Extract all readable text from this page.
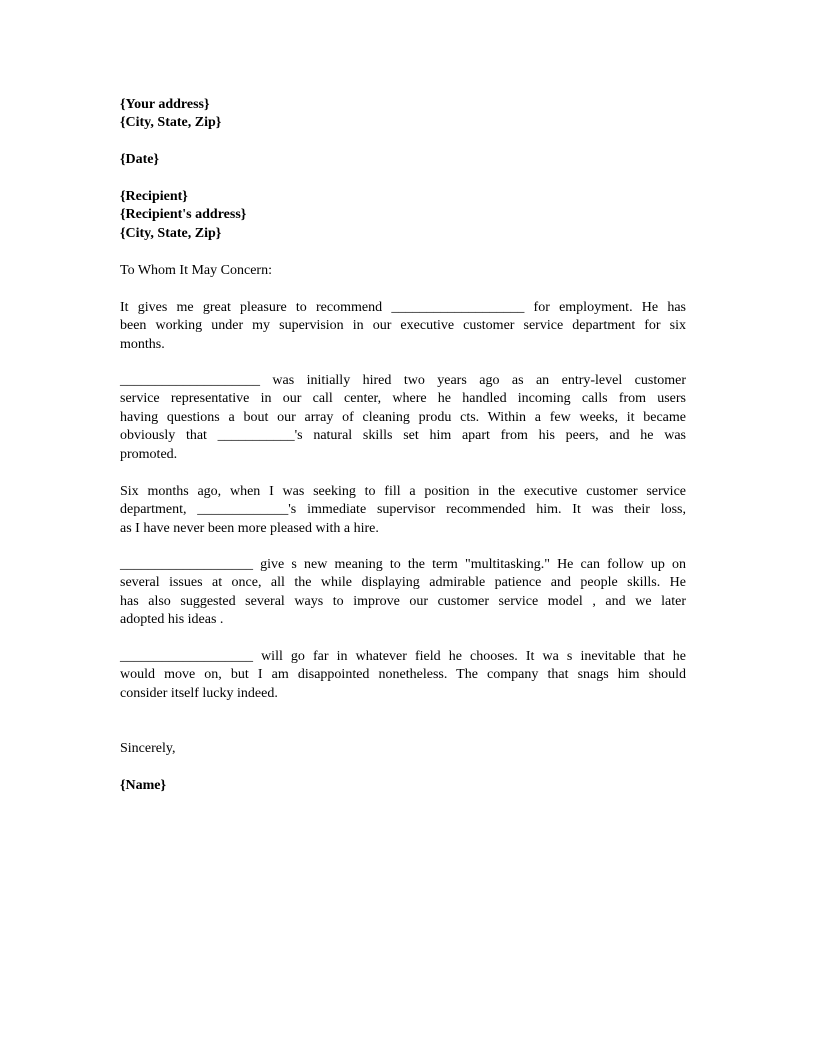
{Your address}
{City, State, Zip}
{Date}
{Recipient}
{Recipient's address}
{City, State, Zip}
To Whom It May Concern:
It gives me great pleasure to recommend ___________________ for employment. He has
been working under my supervision in our executive customer service department for six
months.
____________________ was initially hired two years ago as an entry-level customer
service representative in our call center, where he handled incoming calls from users
having questions a bout our array of cleaning produ cts. Within a few weeks, it became
obviously that ___________'s natural skills set him apart from his peers, and he was
promoted.
Six months ago, when I was seeking to fill a position in the executive customer service
department, _____________'s immediate supervisor recommended him. It was their loss,
as I have never been more pleased with a hire.
___________________ give s new meaning to the term "multitasking." He can follow up on
several issues at once, all the while displaying admirable patience and people skills. He
has also suggested several ways to improve our customer service model , and we later
adopted his ideas .
___________________ will go far in whatever field he chooses. It wa s inevitable that he
would move on, but I am disappointed nonetheless. The company that snags him should
consider itself lucky indeed.
Sincerely,
{Name}
